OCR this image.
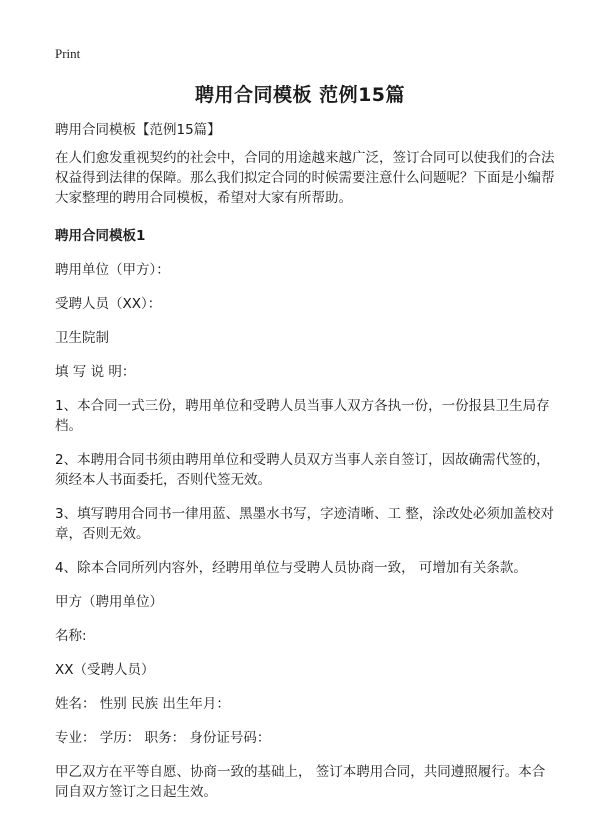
Print
聘用合同模板 范例15篇

聘用合同模板【范例15篇】

在人们愈发重视契约的社会中，合同的用途越来越广泛，签订合同可以使我们的合法权益得到法律的保障。那么我们拟定合同的时候需要注意什么问题呢？下面是小编帮大家整理的聘用合同模板，希望对大家有所帮助。

聘用合同模板1

聘用单位（甲方）：

受聘人员（XX）：

卫生院制

填 写 说 明：

1、本合同一式三份，聘用单位和受聘人员当事人双方各执一份，一份报县卫生局存档。

2、本聘用合同书须由聘用单位和受聘人员双方当事人亲自签订，因故确需代签的，须经本人书面委托，否则代签无效。

3、填写聘用合同书一律用蓝、黑墨水书写，字迹清晰、工 整，涂改处必须加盖校对章，否则无效。

4、除本合同所列内容外，经聘用单位与受聘人员协商一致， 可增加有关条款。

甲方（聘用单位）

名称:

XX（受聘人员）

姓名： 性别 民族 出生年月：

专业： 学历： 职务： 身份证号码：

甲乙双方在平等自愿、协商一致的基础上， 签订本聘用合同，共同遵照履行。本合同自双方签订之日起生效。
